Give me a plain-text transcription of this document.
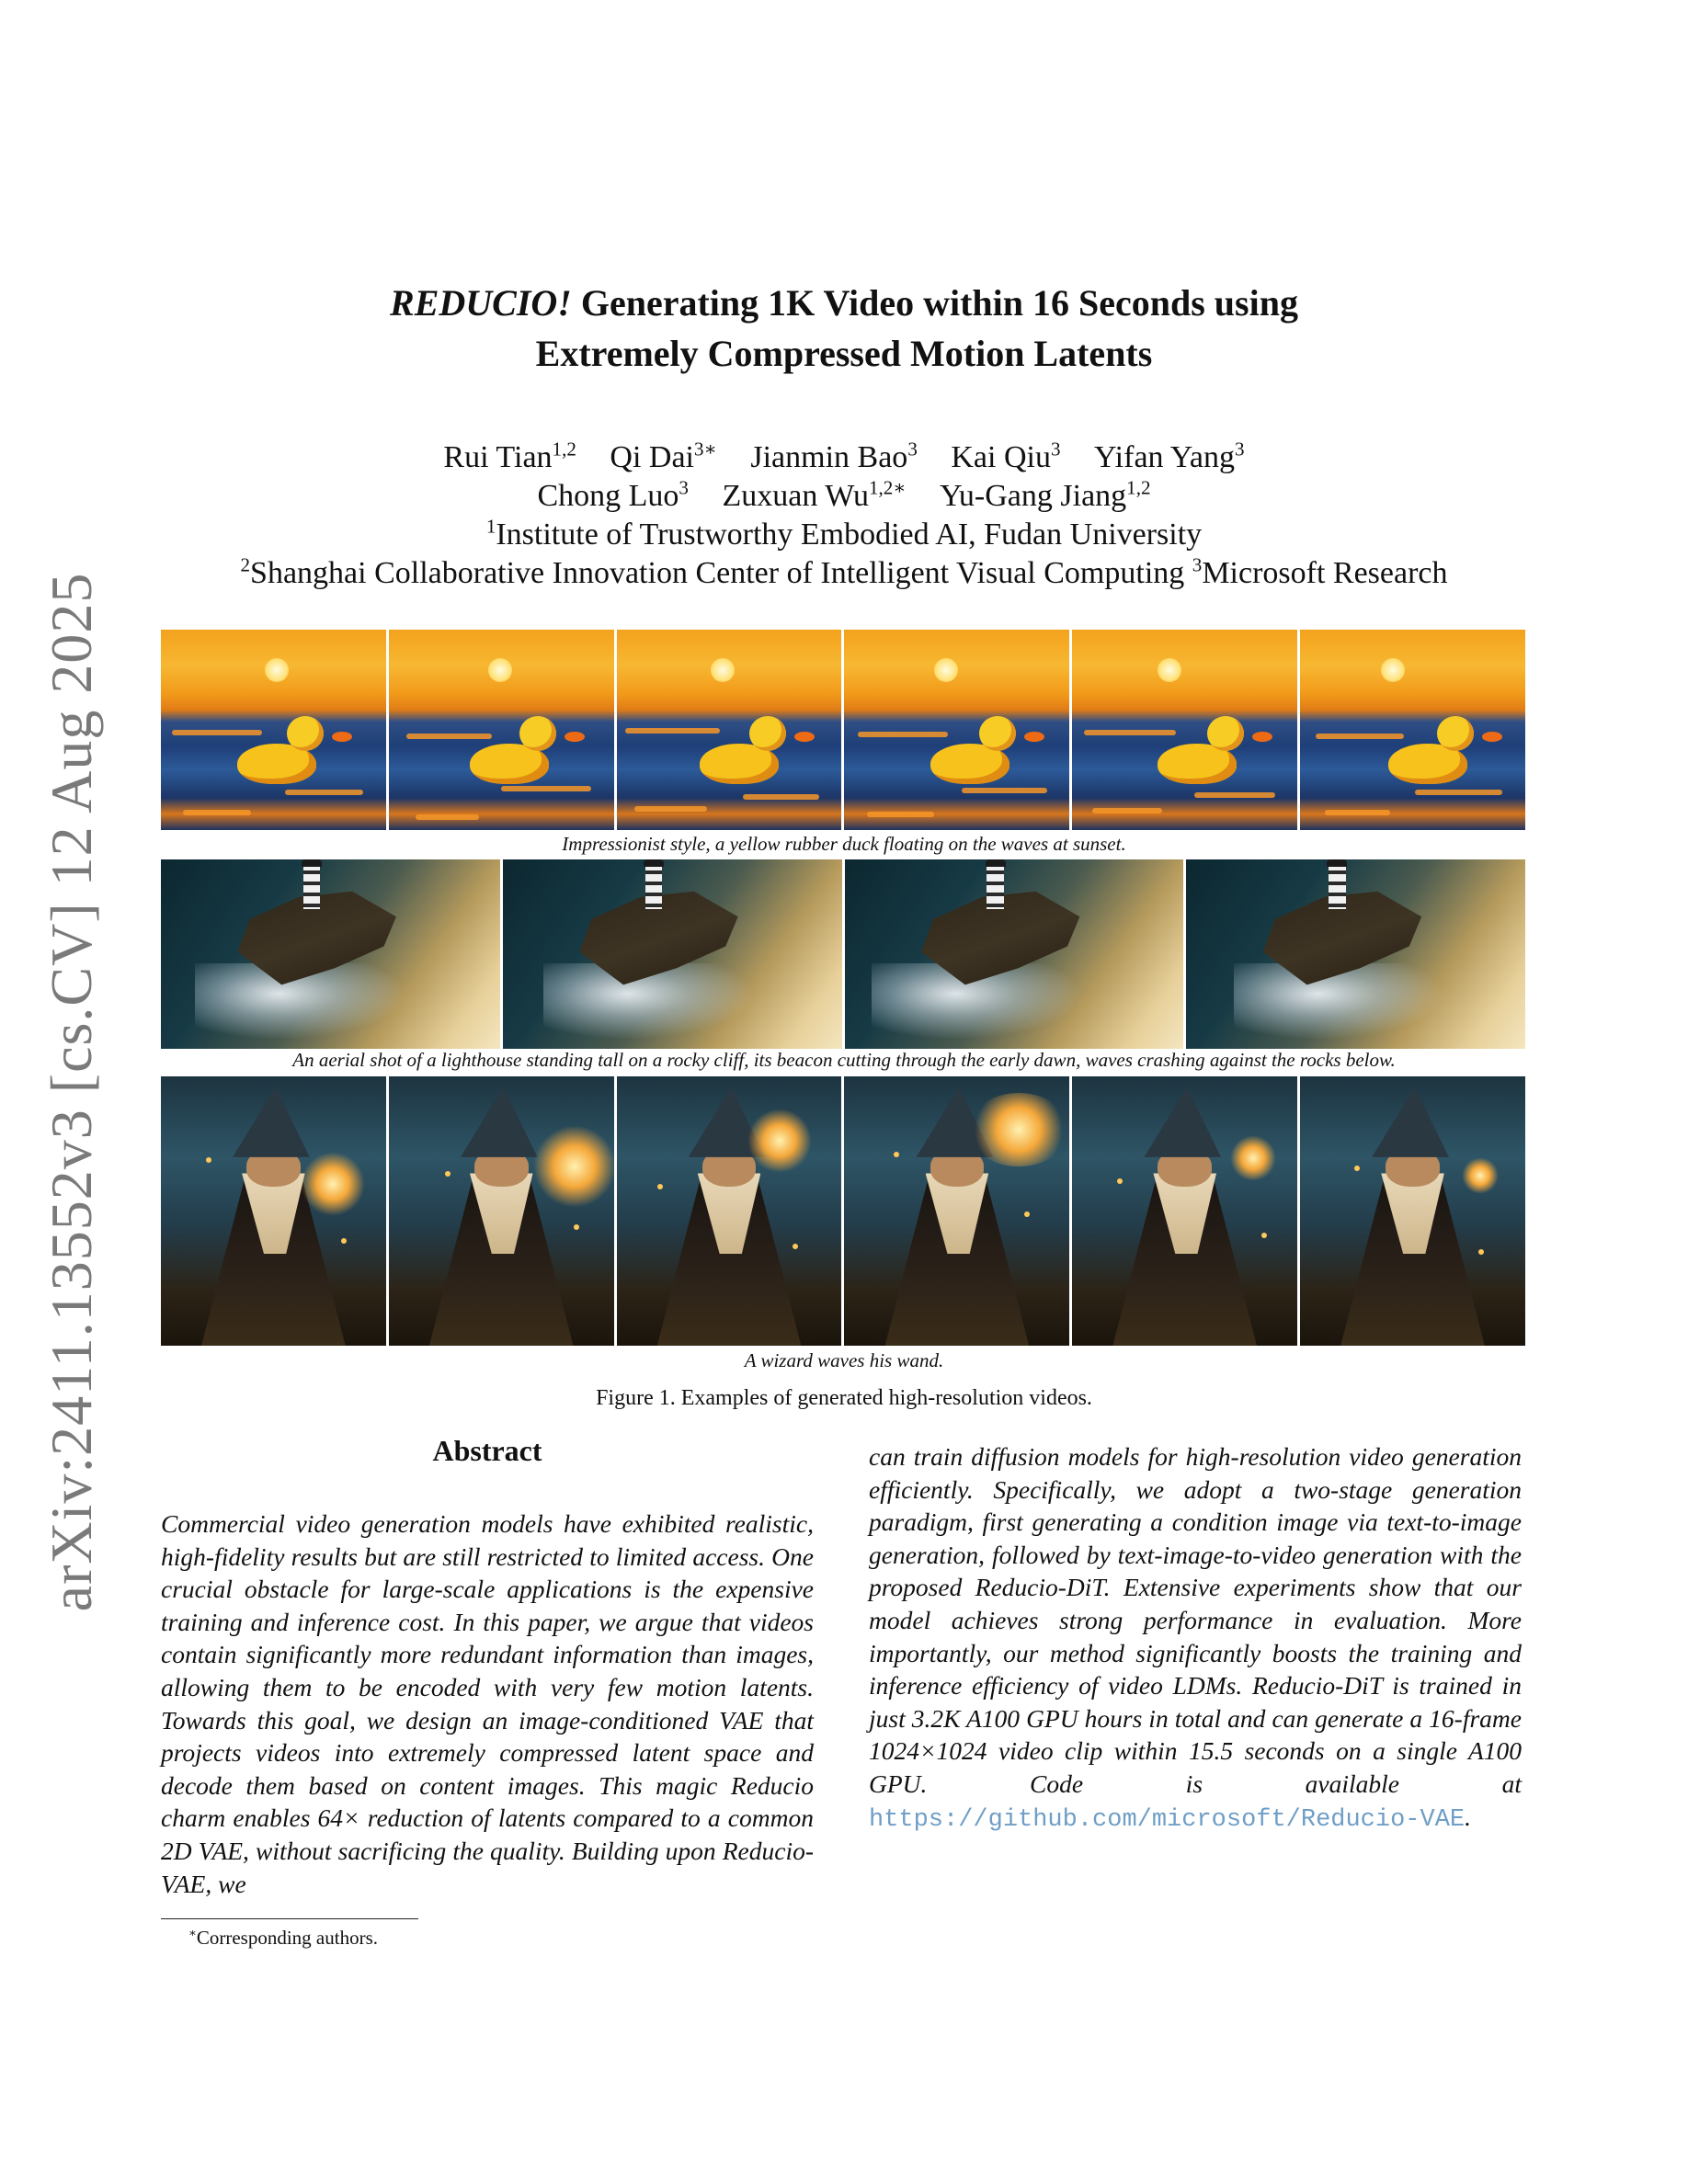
arXiv:2411.13552v3 [cs.CV] 12 Aug 2025
REDUCIO! Generating 1K Video within 16 Seconds using
Extremely Compressed Motion Latents
Rui Tian$^{1,2}$ Qi Dai$^{3∗}$ Jianmin Bao$^3$ Kai Qiu$^3$ Yifan Yang$^3$
Chong Luo$^3$ Zuxuan $Wu^{1,2∗}$ Yu-Gang Jiang$^{1,2}$
$^1$Institute of Trustworthy Embodied AI, Fudan University
$^2$Shanghai Collaborative Innovation Center of Intelligent Visual Computing $^3$Microsoft Research
Impressionist style, a yellow rubber duck floating on the waves at sunset.
An aerial shot of a lighthouse standing tall on a rocky cliff, its beacon cutting through the early dawn, waves crashing against the rocks below.
A wizard waves his wand.
Figure 1. Examples of generated high-resolution videos.
Abstract
Commercial video generation models have exhibited realistic, high-fidelity results but are still restricted to limited access. One crucial obstacle for large-scale applications is the expensive training and inference cost. In this paper, we argue that videos contain significantly more redundant information than images, allowing them to be encoded with very few motion latents. Towards this goal, we design an image-conditioned VAE that projects videos into extremely compressed latent space and decode them based on content images. This magic Reducio charm enables 64× reduction of latents compared to a common 2D VAE, without sacrificing the quality. Building upon Reducio-VAE, we
can train diffusion models for high-resolution video generation efficiently. Specifically, we adopt a two-stage generation paradigm, first generating a condition image via text-to-image generation, followed by text-image-to-video generation with the proposed Reducio-DiT. Extensive experiments show that our model achieves strong performance in evaluation. More importantly, our method significantly boosts the training and inference efficiency of video LDMs. Reducio-DiT is trained in just 3.2K A100 GPU hours in total and can generate a 16-frame 1024×1024 video clip within 15.5 seconds on a single A100 GPU. Code is available at https://github.com/microsoft/Reducio-VAE.
∗Corresponding authors.
